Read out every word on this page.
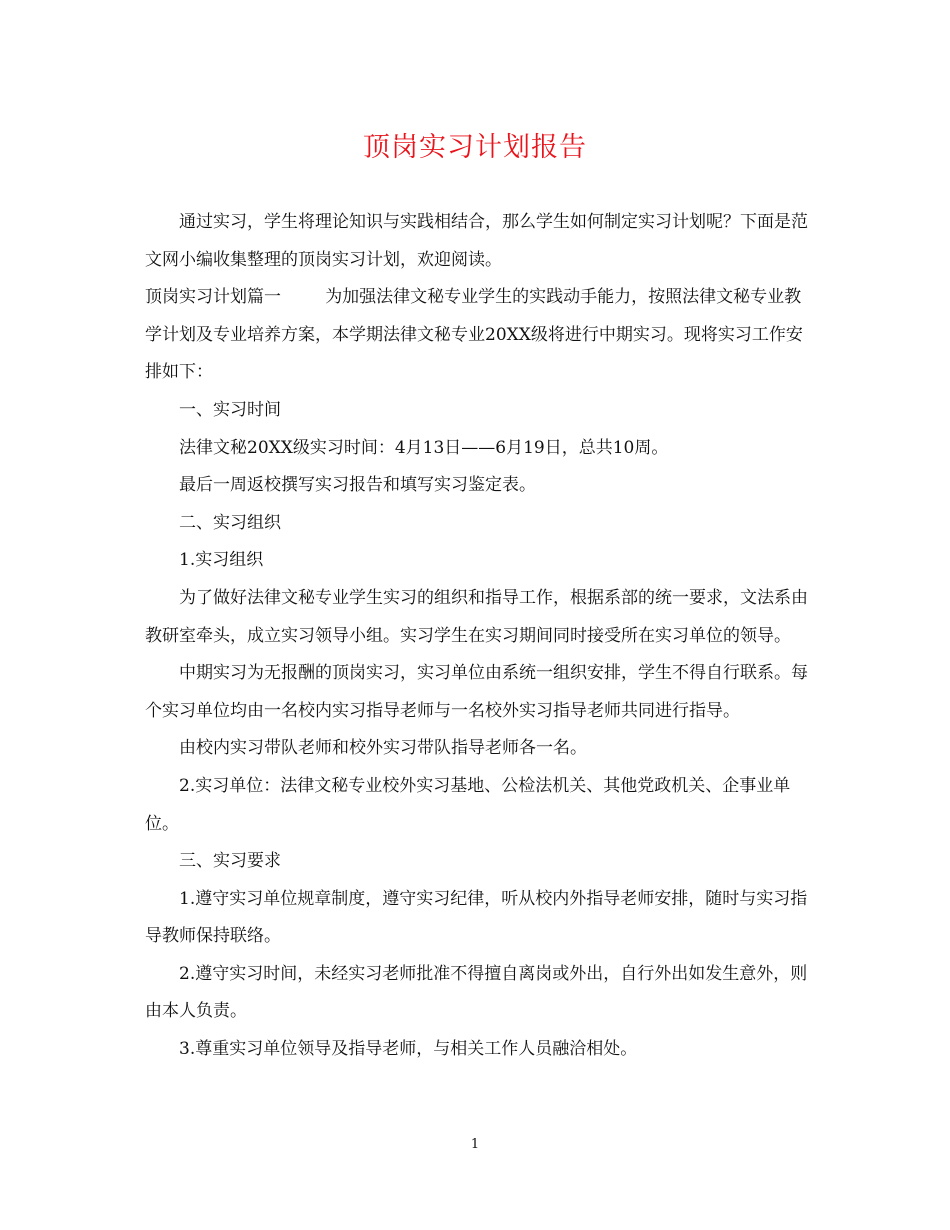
顶岗实习计划报告

通过实习，学生将理论知识与实践相结合，那么学生如何制定实习计划呢？下面是范文网小编收集整理的顶岗实习计划，欢迎阅读。

顶岗实习计划篇一	为加强法律文秘专业学生的实践动手能力，按照法律文秘专业教学计划及专业培养方案，本学期法律文秘专业20XX级将进行中期实习。现将实习工作安排如下：

一、实习时间

法律文秘20XX级实习时间：4月13日——6月19日，总共10周。

最后一周返校撰写实习报告和填写实习鉴定表。

二、实习组织

1.实习组织

为了做好法律文秘专业学生实习的组织和指导工作，根据系部的统一要求，文法系由教研室牵头，成立实习领导小组。实习学生在实习期间同时接受所在实习单位的领导。

中期实习为无报酬的顶岗实习，实习单位由系统一组织安排，学生不得自行联系。每个实习单位均由一名校内实习指导老师与一名校外实习指导老师共同进行指导。

由校内实习带队老师和校外实习带队指导老师各一名。

2.实习单位：法律文秘专业校外实习基地、公检法机关、其他党政机关、企事业单位。

三、实习要求

1.遵守实习单位规章制度，遵守实习纪律，听从校内外指导老师安排，随时与实习指导教师保持联络。

2.遵守实习时间，未经实习老师批准不得擅自离岗或外出，自行外出如发生意外，则由本人负责。

3.尊重实习单位领导及指导老师，与相关工作人员融洽相处。

1
